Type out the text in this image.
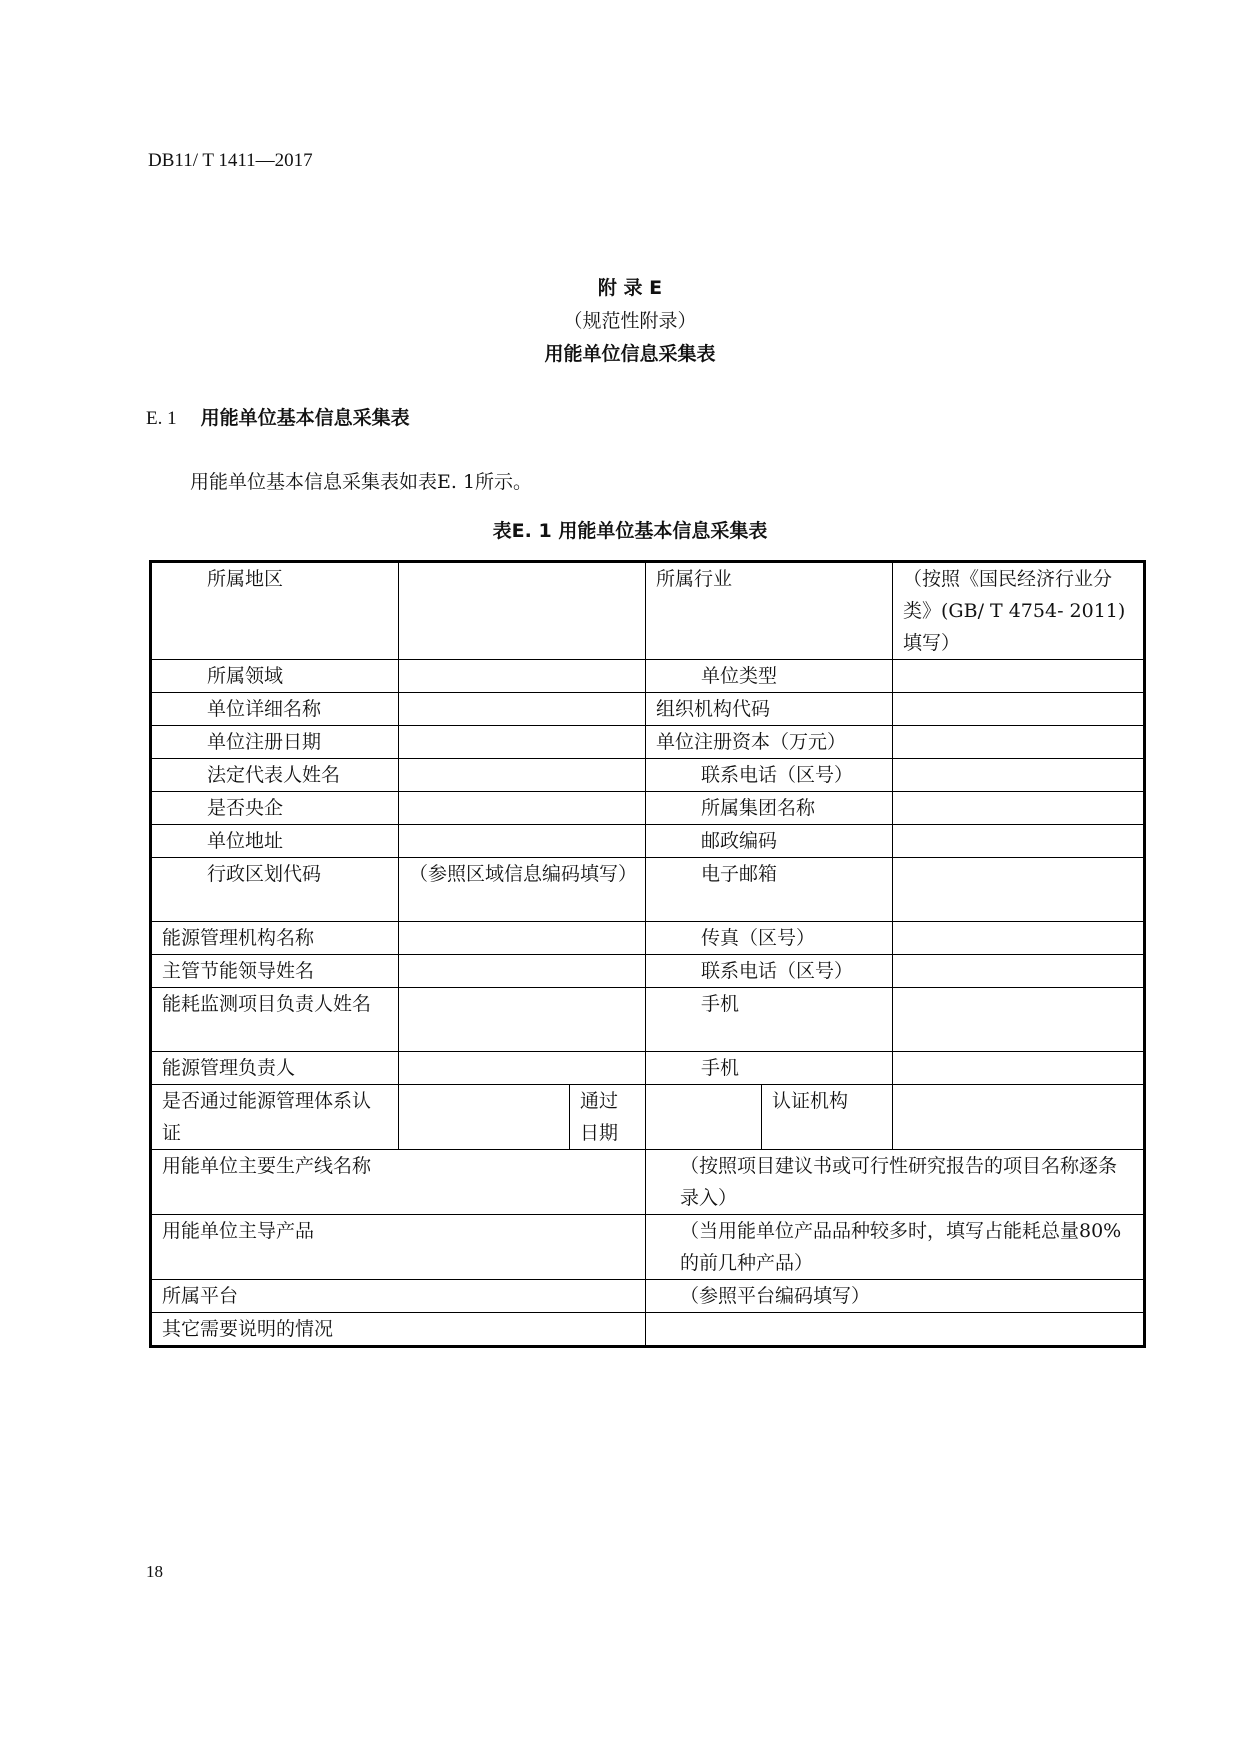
DB11/ T 1411—2017
附 录 E
（规范性附录）
用能单位信息采集表
E. 1 用能单位基本信息采集表
用能单位基本信息采集表如表E. 1所示。
表E. 1 用能单位基本信息采集表
所属地区			所属行业		（按照《国民经济行业分类》(GB/ T 4754- 2011)填写）
所属领域			单位类型		
单位详细名称			组织机构代码		
单位注册日期			单位注册资本（万元）		
法定代表人姓名			联系电话（区号）		
是否央企			所属集团名称		
单位地址			邮政编码		
行政区划代码	（参照区域信息编码填写）		电子邮箱		
能源管理机构名称			传真（区号）		
主管节能领导姓名			联系电话（区号）		
能耗监测项目负责人姓名			手机		
能源管理负责人			手机		
是否通过能源管理体系认证		通过日期		认证机构	
用能单位主要生产线名称			（按照项目建议书或可行性研究报告的项目名称逐条录入）		
用能单位主导产品			（当用能单位产品品种较多时，填写占能耗总量80%的前几种产品）		
所属平台			（参照平台编码填写）		
其它需要说明的情况					
18
